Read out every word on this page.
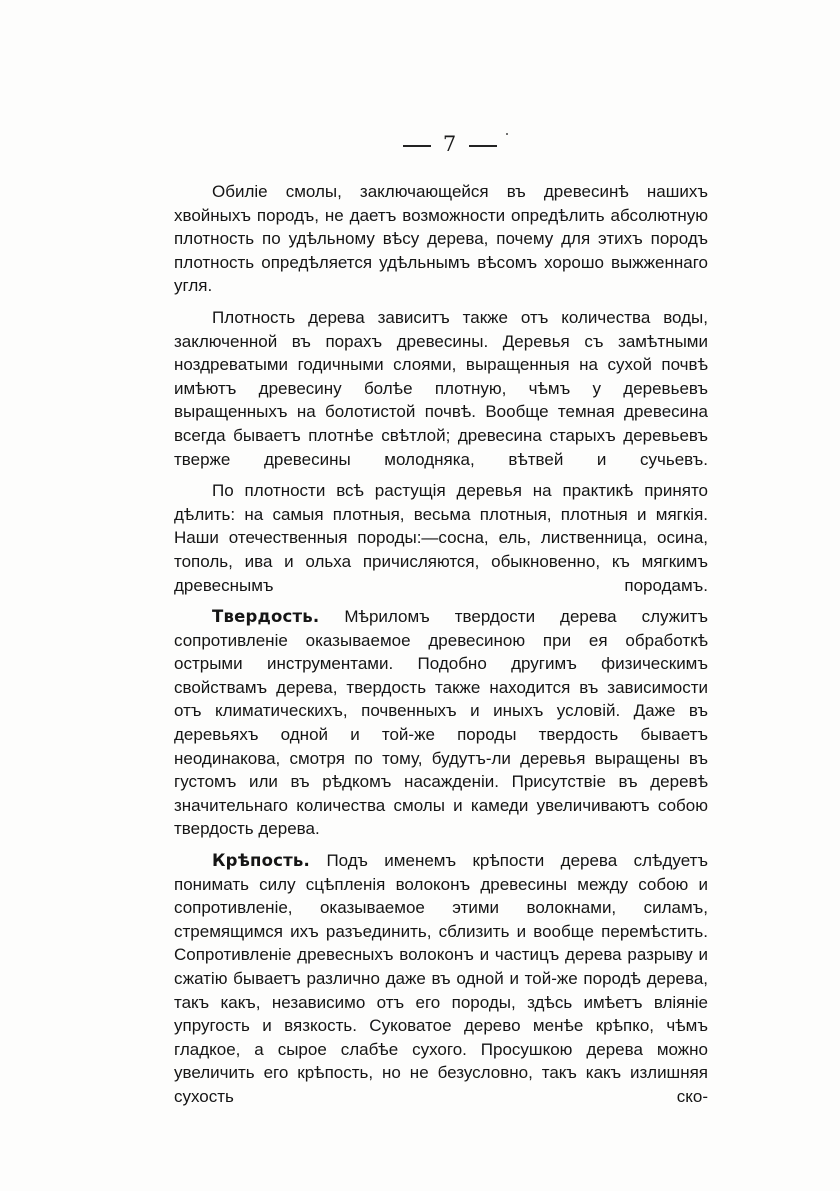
7

Обиліе смолы, заключающейся въ древесинѣ нашихъ хвойныхъ породъ, не даетъ возможности опредѣлить абсолютную плотность по удѣльному вѣсу дерева, почему для этихъ породъ плотность опредѣляется удѣльнымъ вѣсомъ хорошо выжженнаго угля.

Плотность дерева зависитъ также отъ количества воды, заключенной въ порахъ древесины. Деревья съ замѣтными ноздреватыми годичными слоями, выращенныя на сухой почвѣ имѣютъ древесину болѣе плотную, чѣмъ у деревьевъ выращенныхъ на болотистой почвѣ. Вообще темная древесина всегда бываетъ плотнѣе свѣтлой; древесина старыхъ деревьевъ тверже древесины молодняка, вѣтвей и сучьевъ.

По плотности всѣ растущія деревья на практикѣ принято дѣлить: на самыя плотныя, весьма плотныя, плотныя и мягкія. Наши отечественныя породы:—сосна, ель, лиственница, осина, тополь, ива и ольха причисляются, обыкновенно, къ мягкимъ древеснымъ породамъ.

Твердость. Мѣриломъ твердости дерева служитъ сопротивленіе оказываемое древесиною при ея обработкѣ острыми инструментами. Подобно другимъ физическимъ свойствамъ дерева, твердость также находится въ зависимости отъ климатическихъ, почвенныхъ и иныхъ условій. Даже въ деревьяхъ одной и той-же породы твердость бываетъ неодинакова, смотря по тому, будутъ-ли деревья выращены въ густомъ или въ рѣдкомъ насажденіи. Присутствіе въ деревѣ значительнаго количества смолы и камеди увеличиваютъ собою твердость дерева.

Крѣпость. Подъ именемъ крѣпости дерева слѣдуетъ понимать силу сцѣпленія волоконъ древесины между собою и сопротивленіе, оказываемое этими волокнами, силамъ, стремящимся ихъ разъединить, сблизить и вообще перемѣстить. Сопротивленіе древесныхъ волоконъ и частицъ дерева разрыву и сжатію бываетъ различно даже въ одной и той-же породѣ дерева, такъ какъ, независимо отъ его породы, здѣсь имѣетъ вліяніе упругость и вязкость. Суковатое дерево менѣе крѣпко, чѣмъ гладкое, а сырое слабѣе сухого. Просушкою дерева можно увеличить его крѣпость, но не безусловно, такъ какъ излишняя сухость ско-
